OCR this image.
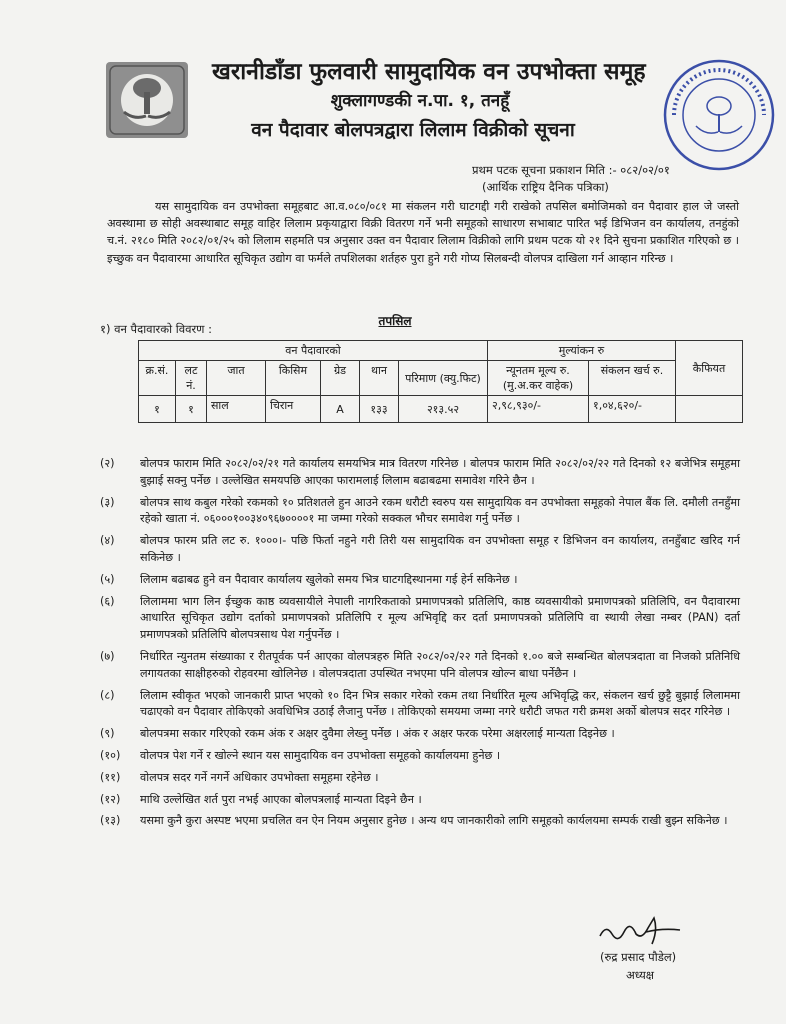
खरानीडाँडा फुलवारी सामुदायिक वन उपभोक्ता समूह
शुक्लागण्डकी न.पा. १, तनहूँ
वन पैदावार बोलपत्रद्वारा लिलाम विक्रीको सूचना
प्रथम पटक सूचना प्रकाशन मिति :- ०८२/०२/०१
(आर्थिक राष्ट्रिय दैनिक पत्रिका)
यस सामुदायिक वन उपभोक्ता समूहबाट आ.व.०८०/०८१ मा संकलन गरी घाटगद्दी गरी राखेको तपसिल बमोजिमको वन पैदावार हाल जे जस्तो अवस्थामा छ सोही अवस्थाबाट समूह वाहिर लिलाम प्रकृयाद्वारा विक्री वितरण गर्ने भनी समूहको साधारण सभाबाट पारित भई डिभिजन वन कार्यालय, तनहुंको च.नं. २१८० मिति २०८२/०१/२५ को लिलाम सहमति पत्र अनुसार उक्त वन पैदावार लिलाम विक्रीको लागि प्रथम पटक यो २१ दिने सुचना प्रकाशित गरिएको छ । इच्छुक वन पैदावारमा आधारित सूचिकृत उद्योग वा फर्मले तपशिलका शर्तहरु पुरा हुने गरी गोप्य सिलबन्दी वोलपत्र दाखिला गर्न आव्हान गरिन्छ ।
तपसिल
१) वन पैदावारको विवरण :
वन पैदावारको							मुल्यांकन रु		कैफियत
क्र.सं.	लट नं.	जात	किसिम	ग्रेड	थान	परिमाण (क्यु.फिट)	न्यूनतम मूल्य रु. (मु.अ.कर वाहेक)	संकलन खर्च रु.	
१	१	साल	चिरान	A	१३३	२१३.५२	२,९८,९३०/-	१,०४,६२०/-	
(२)	बोलपत्र फाराम मिति २०८२/०२/२१ गते कार्यालय समयभित्र मात्र वितरण गरिनेछ । बोलपत्र फाराम मिति २०८२/०२/२२ गते दिनको १२ बजेभित्र समूहमा बुझाई सक्नु पर्नेछ । उल्लेखित समयपछि आएका फारामलाई लिलाम बढाबढमा समावेश गरिने छैन ।
(३)	बोलपत्र साथ कबुल गरेको रकमको १० प्रतिशतले हुन आउने रकम धरौटी स्वरुप यस सामुदायिक वन उपभोक्ता समूहको नेपाल बैंक लि. दमौली तनहुँमा रहेको खाता नं. ०६०००१००३४०९६७००००१ मा जम्मा गरेको सक्कल भौचर समावेश गर्नु पर्नेछ ।
(४)	बोलपत्र फारम प्रति लट रु. १०००।- पछि फिर्ता नहुने गरी तिरी यस सामुदायिक वन उपभोक्ता समूह र डिभिजन वन कार्यालय, तनहुँबाट खरिद गर्न सकिनेछ ।
(५)	लिलाम बढाबढ हुने वन पैदावार कार्यालय खुलेको समय भित्र घाटगद्दिस्थानमा गई हेर्न सकिनेछ ।
(६)	लिलाममा भाग लिन ईच्छुक काष्ठ व्यवसायीले नेपाली नागरिकताको प्रमाणपत्रको प्रतिलिपि, काष्ठ व्यवसायीको प्रमाणपत्रको प्रतिलिपि, वन पैदावारमा आधारित सूचिकृत उद्योग दर्ताको प्रमाणपत्रको प्रतिलिपि र मूल्य अभिवृद्दि कर दर्ता प्रमाणपत्रको प्रतिलिपि वा स्थायी लेखा नम्बर (PAN) दर्ता प्रमाणपत्रको प्रतिलिपि बोलपत्रसाथ पेश गर्नुपर्नेछ ।
(७)	निर्धारित न्युनतम संख्याका र रीतपूर्वक पर्न आएका वोलपत्रहरु मिति २०८२/०२/२२ गते दिनको १.०० बजे सम्बन्धित बोलपत्रदाता वा निजको प्रतिनिधि लगायतका साक्षीहरुको रोहवरमा खोलिनेछ । वोलपत्रदाता उपस्थित नभएमा पनि वोलपत्र खोल्न बाधा पर्नेछैन ।
(८)	लिलाम स्वीकृत भएको जानकारी प्राप्त भएको १० दिन भित्र सकार गरेको रकम तथा निर्धारित मूल्य अभिवृद्धि कर, संकलन खर्च छुट्टै बुझाई लिलाममा चढाएको वन पैदावार तोकिएको अवधिभित्र उठाई लैजानु पर्नेछ । तोकिएको समयमा जम्मा नगरे धरौटी जफत गरी क्रमश अर्को बोलपत्र सदर गरिनेछ ।
(९)	बोलपत्रमा सकार गरिएको रकम अंक र अक्षर दुवैमा लेख्नु पर्नेछ । अंक र अक्षर फरक परेमा अक्षरलाई मान्यता दिइनेछ ।
(१०)	वोलपत्र पेश गर्ने र खोल्ने स्थान यस सामुदायिक वन उपभोक्ता समूहको कार्यालयमा हुनेछ ।
(११)	वोलपत्र सदर गर्ने नगर्ने अधिकार उपभोक्ता समूहमा रहेनेछ ।
(१२)	माथि उल्लेखित शर्त पुरा नभई आएका बोलपत्रलाई मान्यता दिइने छैन ।
(१३)	यसमा कुनै कुरा अस्पष्ट भएमा प्रचलित वन ऐन नियम अनुसार हुनेछ । अन्य थप जानकारीको लागि समूहको कार्यलयमा सम्पर्क राखी बुझ्न सकिनेछ ।
(रुद्र प्रसाद पौडेल)
अध्यक्ष
